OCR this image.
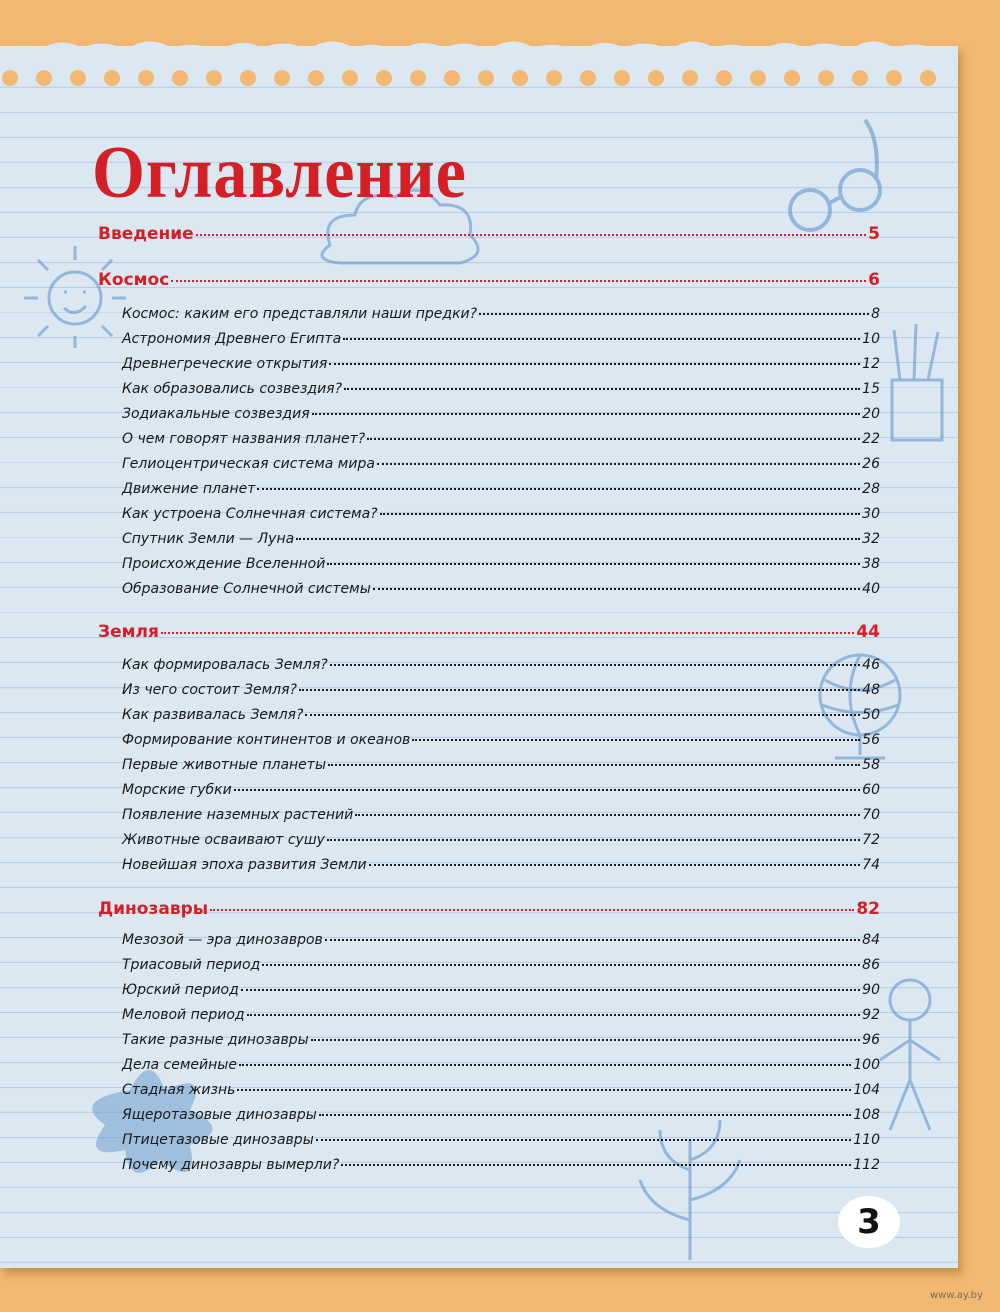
Оглавление
Введение	5
Космос	6
Космос: каким его представляли наши предки?	8
Астрономия Древнего Египта	10
Древнегреческие открытия	12
Как образовались созвездия?	15
Зодиакальные созвездия	20
О чем говорят названия планет?	22
Гелиоцентрическая система мира	26
Движение планет	28
Как устроена Солнечная система?	30
Спутник Земли — Луна	32
Происхождение Вселенной	38
Образование Солнечной системы	40
Земля	44
Как формировалась Земля?	46
Из чего состоит Земля?	48
Как развивалась Земля?	50
Формирование континентов и океанов	56
Первые животные планеты	58
Морские губки	60
Появление наземных растений	70
Животные осваивают сушу	72
Новейшая эпоха развития Земли	74
Динозавры	82
Мезозой — эра динозавров	84
Триасовый период	86
Юрский период	90
Меловой период	92
Такие разные динозавры	96
Дела семейные	100
Стадная жизнь	104
Ящеротазовые динозавры	108
Птицетазовые динозавры	110
Почему динозавры вымерли?	112
3
www.ay.by
